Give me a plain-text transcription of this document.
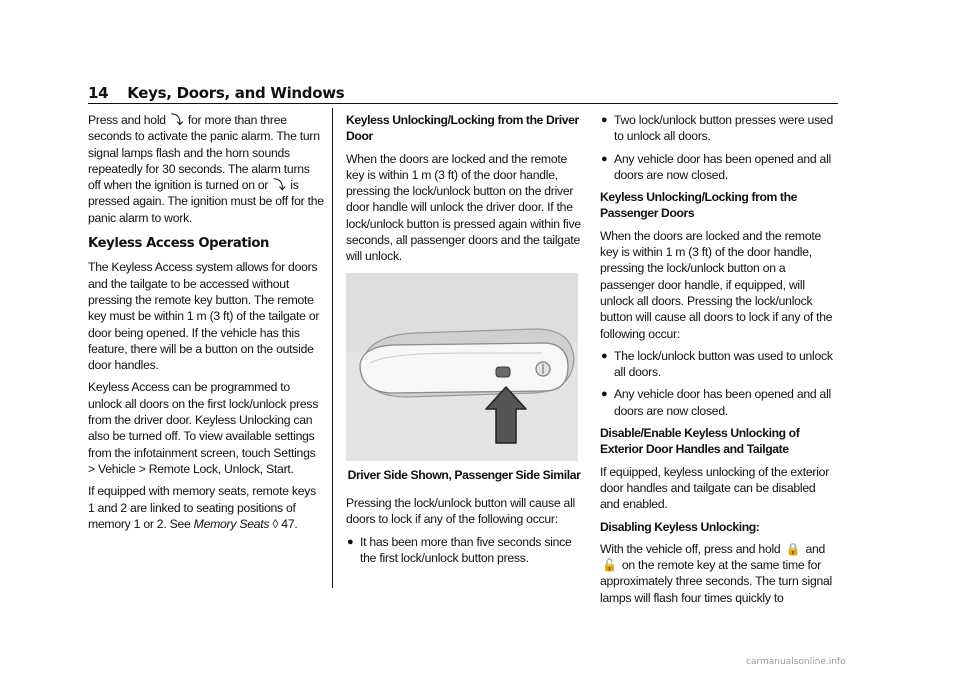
14 Keys, Doors, and Windows

Press and hold ⤵ for more than three seconds to activate the panic alarm. The turn signal lamps flash and the horn sounds repeatedly for 30 seconds. The alarm turns off when the ignition is turned on or ⤵ is pressed again. The ignition must be off for the panic alarm to work.

Keyless Access Operation

The Keyless Access system allows for doors and the tailgate to be accessed without pressing the remote key button. The remote key must be within 1 m (3 ft) of the tailgate or door being opened. If the vehicle has this feature, there will be a button on the outside door handles.

Keyless Access can be programmed to unlock all doors on the first lock/unlock press from the driver door. Keyless Unlocking can also be turned off. To view available settings from the infotainment screen, touch Settings > Vehicle > Remote Lock, Unlock, Start.

If equipped with memory seats, remote keys 1 and 2 are linked to seating positions of memory 1 or 2. See Memory Seats ◊ 47.

Keyless Unlocking/Locking from the Driver Door

When the doors are locked and the remote key is within 1 m (3 ft) of the door handle, pressing the lock/unlock button on the driver door handle will unlock the driver door. If the lock/unlock button is pressed again within five seconds, all passenger doors and the tailgate will unlock.

Driver Side Shown, Passenger Side Similar

Pressing the lock/unlock button will cause all doors to lock if any of the following occur:

● It has been more than five seconds since the first lock/unlock button press.
● Two lock/unlock button presses were used to unlock all doors.
● Any vehicle door has been opened and all doors are now closed.
Keyless Unlocking/Locking from the Passenger Doors

When the doors are locked and the remote key is within 1 m (3 ft) of the door handle, pressing the lock/unlock button on a passenger door handle, if equipped, will unlock all doors. Pressing the lock/unlock button will cause all doors to lock if any of the following occur:

● The lock/unlock button was used to unlock all doors.
● Any vehicle door has been opened and all doors are now closed.
Disable/Enable Keyless Unlocking of Exterior Door Handles and Tailgate

If equipped, keyless unlocking of the exterior door handles and tailgate can be disabled and enabled.

Disabling Keyless Unlocking:

With the vehicle off, press and hold 🔒 and 🔓 on the remote key at the same time for approximately three seconds. The turn signal lamps will flash four times quickly to

carmanualsonline.info
